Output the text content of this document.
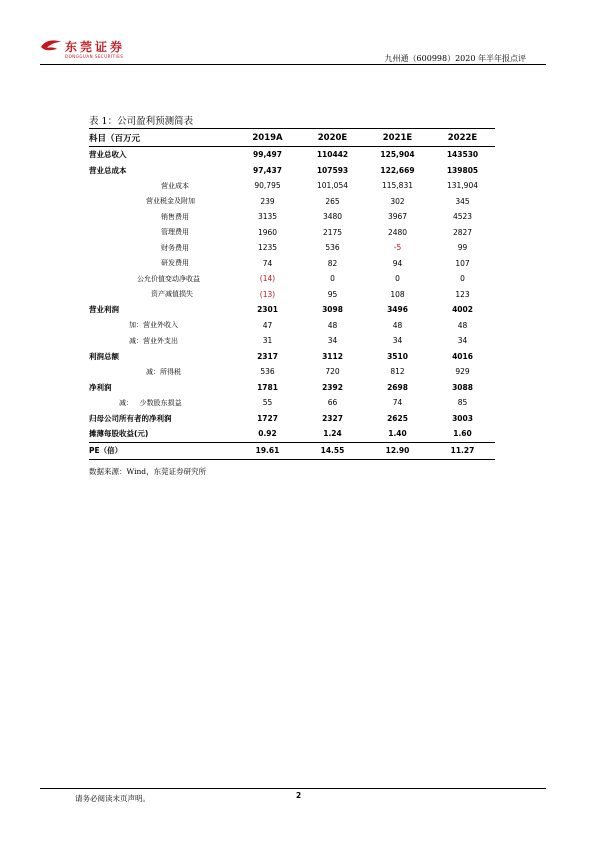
东莞证券
DONGGUAN SECURITIES	九州通（600998）2020 年半年报点评
表 1：公司盈利预测简表
科目（百万元	2019A	2020E	2021E	2022E
营业总收入	99,497	110442	125,904	143530
营业总成本	97,437	107593	122,669	139805
营业成本	90,795	101,054	115,831	131,904
营业税金及附加	239	265	302	345
销售费用	3135	3480	3967	4523
管理费用	1960	2175	2480	2827
财务费用	1235	536	-5	99
研发费用	74	82	94	107
公允价值变动净收益	(14)	0	0	0
资产减值损失	(13)	95	108	123
营业利润	2301	3098	3496	4002
加：营业外收入	47	48	48	48
减：营业外支出	31	34	34	34
利润总额	2317	3112	3510	4016
减：所得税	536	720	812	929
净利润	1781	2392	2698	3088
减：   少数股东损益	55	66	74	85
归母公司所有者的净利润	1727	2327	2625	3003
摊薄每股收益(元)	0.92	1.24	1.40	1.60
PE（倍）	19.61	14.55	12.90	11.27
数据来源：Wind，东莞证券研究所
请务必阅读末页声明。	2
